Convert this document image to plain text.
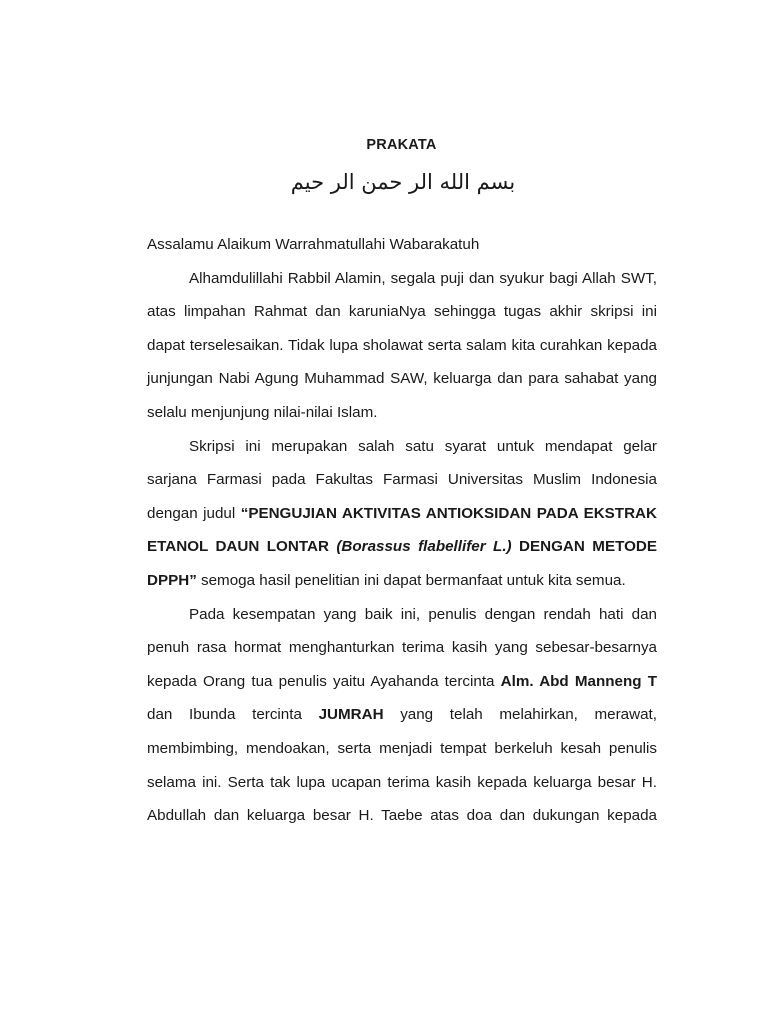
PRAKATA
بسم الله الر حمن الر حيم

Assalamu Alaikum Warrahmatullahi Wabarakatuh

Alhamdulillahi Rabbil Alamin, segala puji dan syukur bagi Allah SWT, atas limpahan Rahmat dan karuniaNya sehingga tugas akhir skripsi ini dapat terselesaikan. Tidak lupa sholawat serta salam kita curahkan kepada junjungan Nabi Agung Muhammad SAW, keluarga dan para sahabat yang selalu menjunjung nilai-nilai Islam.

Skripsi ini merupakan salah satu syarat untuk mendapat gelar sarjana Farmasi pada Fakultas Farmasi Universitas Muslim Indonesia dengan judul “PENGUJIAN AKTIVITAS ANTIOKSIDAN PADA EKSTRAK ETANOL DAUN LONTAR (Borassus flabellifer L.) DENGAN METODE DPPH” semoga hasil penelitian ini dapat bermanfaat untuk kita semua.

Pada kesempatan yang baik ini, penulis dengan rendah hati dan penuh rasa hormat menghanturkan terima kasih yang sebesar-besarnya kepada Orang tua penulis yaitu Ayahanda tercinta Alm. Abd Manneng T dan Ibunda tercinta JUMRAH yang telah melahirkan, merawat, membimbing, mendoakan, serta menjadi tempat berkeluh kesah penulis selama ini. Serta tak lupa ucapan terima kasih kepada keluarga besar H. Abdullah dan keluarga besar H. Taebe atas doa dan dukungan kepada
